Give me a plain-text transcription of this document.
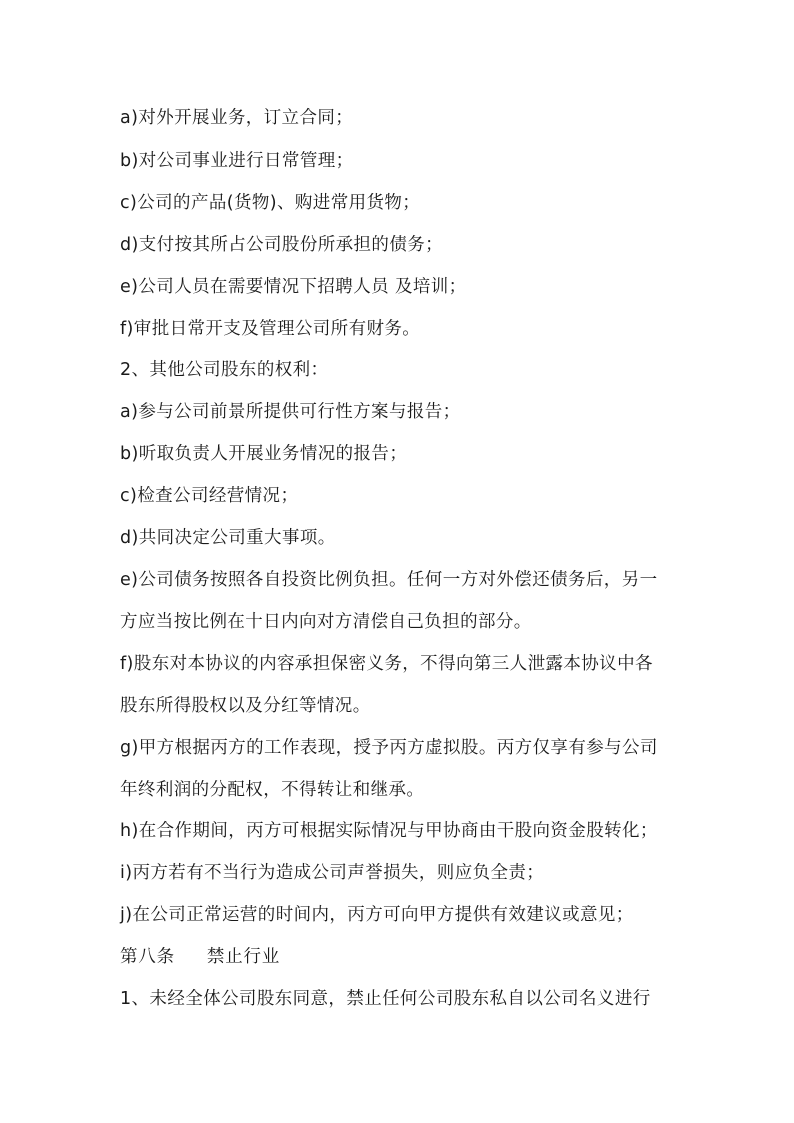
a)对外开展业务，订立合同；
b)对公司事业进行日常管理；
c)公司的产品(货物)、购进常用货物；
d)支付按其所占公司股份所承担的债务；
e)公司人员在需要情况下招聘人员 及培训；
f)审批日常开支及管理公司所有财务。
2、其他公司股东的权利：
a)参与公司前景所提供可行性方案与报告；
b)听取负责人开展业务情况的报告；
c)检查公司经营情况；
d)共同决定公司重大事项。
e)公司债务按照各自投资比例负担。任何一方对外偿还债务后，另一
方应当按比例在十日内向对方清偿自己负担的部分。
f)股东对本协议的内容承担保密义务，不得向第三人泄露本协议中各
股东所得股权以及分红等情况。
g)甲方根据丙方的工作表现，授予丙方虚拟股。丙方仅享有参与公司
年终利润的分配权，不得转让和继承。
h)在合作期间，丙方可根据实际情况与甲协商由干股向资金股转化；
i)丙方若有不当行为造成公司声誉损失，则应负全责；
j)在公司正常运营的时间内，丙方可向甲方提供有效建议或意见；
第八条 禁止行业
1、未经全体公司股东同意，禁止任何公司股东私自以公司名义进行
